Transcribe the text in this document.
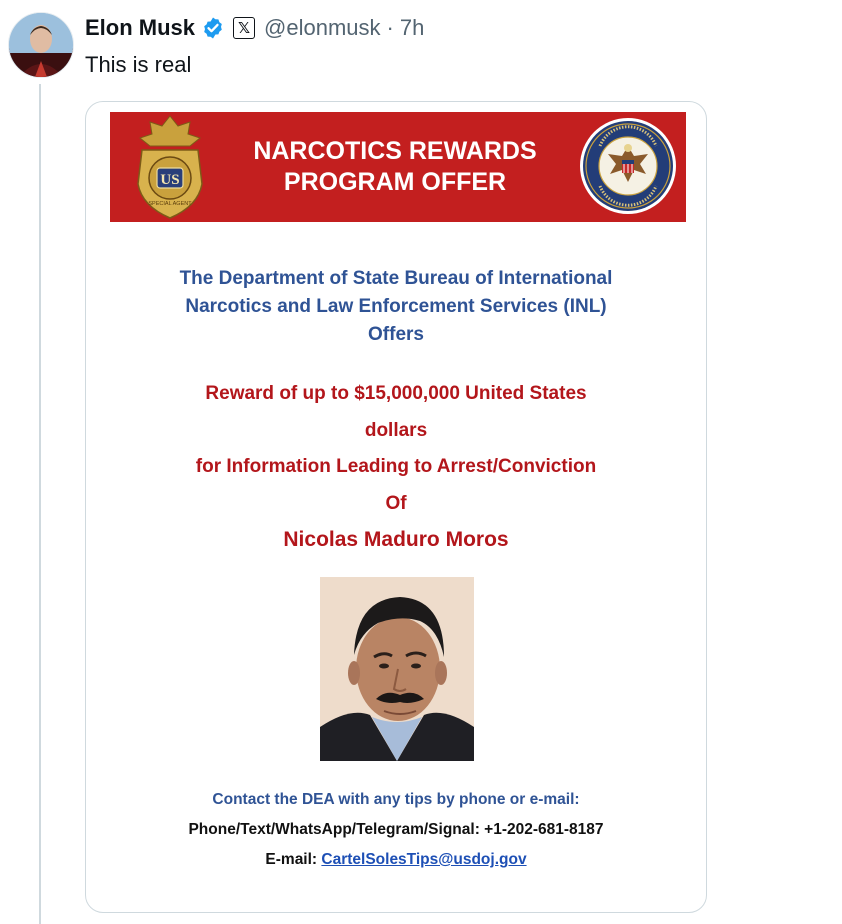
Elon Musk	𝕏 @elonmusk · 7h
This is real
US
SPECIAL AGENT
NARCOTICS REWARDS
PROGRAM OFFER
The Department of State Bureau of International
Narcotics and Law Enforcement Services (INL)
Offers
Reward of up to $15,000,000 United States
dollars
for Information Leading to Arrest/Conviction
Of
Nicolas Maduro Moros
Contact the DEA with any tips by phone or e-mail:
Phone/Text/WhatsApp/Telegram/Signal: +1-202-681-8187
E-mail: CartelSolesTips@usdoj.gov
